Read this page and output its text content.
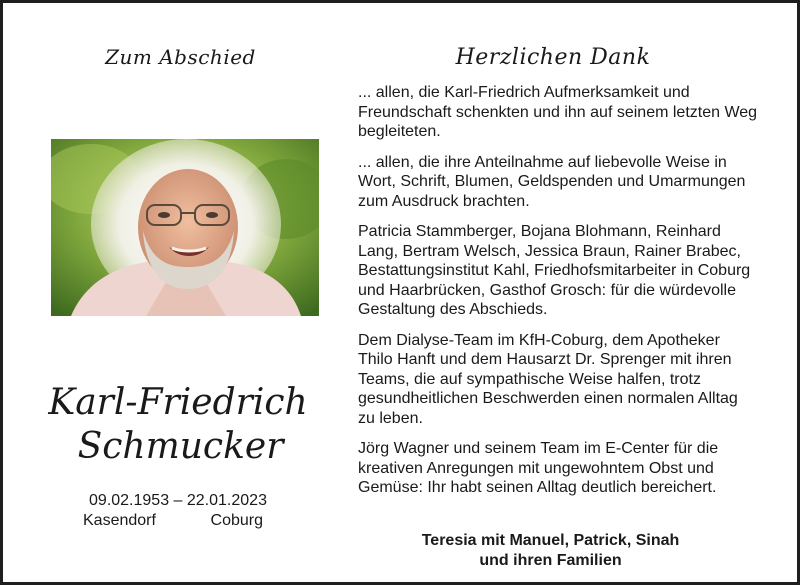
Zum Abschied	Herzlichen Dank
Karl-Friedrich
Schmucker
09.02.1953 – 22.01.2023
Kasendorf	Coburg

... allen, die Karl-Friedrich Aufmerksamkeit und Freundschaft schenkten und ihn auf seinem letzten Weg begleiteten.

... allen, die ihre Anteilnahme auf liebevolle Weise in Wort, Schrift, Blumen, Geldspenden und Umarmungen zum Ausdruck brachten.

Patricia Stammberger, Bojana Blohmann, Reinhard Lang, Bertram Welsch, Jessica Braun, Rainer Brabec, Bestattungsinstitut Kahl, Friedhofsmitarbeiter in Coburg und Haarbrücken, Gasthof Grosch: für die würdevolle Gestaltung des Abschieds.

Dem Dialyse-Team im KfH-Coburg, dem Apotheker Thilo Hanft und dem Hausarzt Dr. Sprenger mit ihren Teams, die auf sympathische Weise halfen, trotz gesundheitlichen Beschwerden einen normalen Alltag zu leben.

Jörg Wagner und seinem Team im E-Center für die kreativen Anregungen mit ungewohntem Obst und Gemüse: Ihr habt seinen Alltag deutlich bereichert.

Teresia mit Manuel, Patrick, Sinah
und ihren Familien
